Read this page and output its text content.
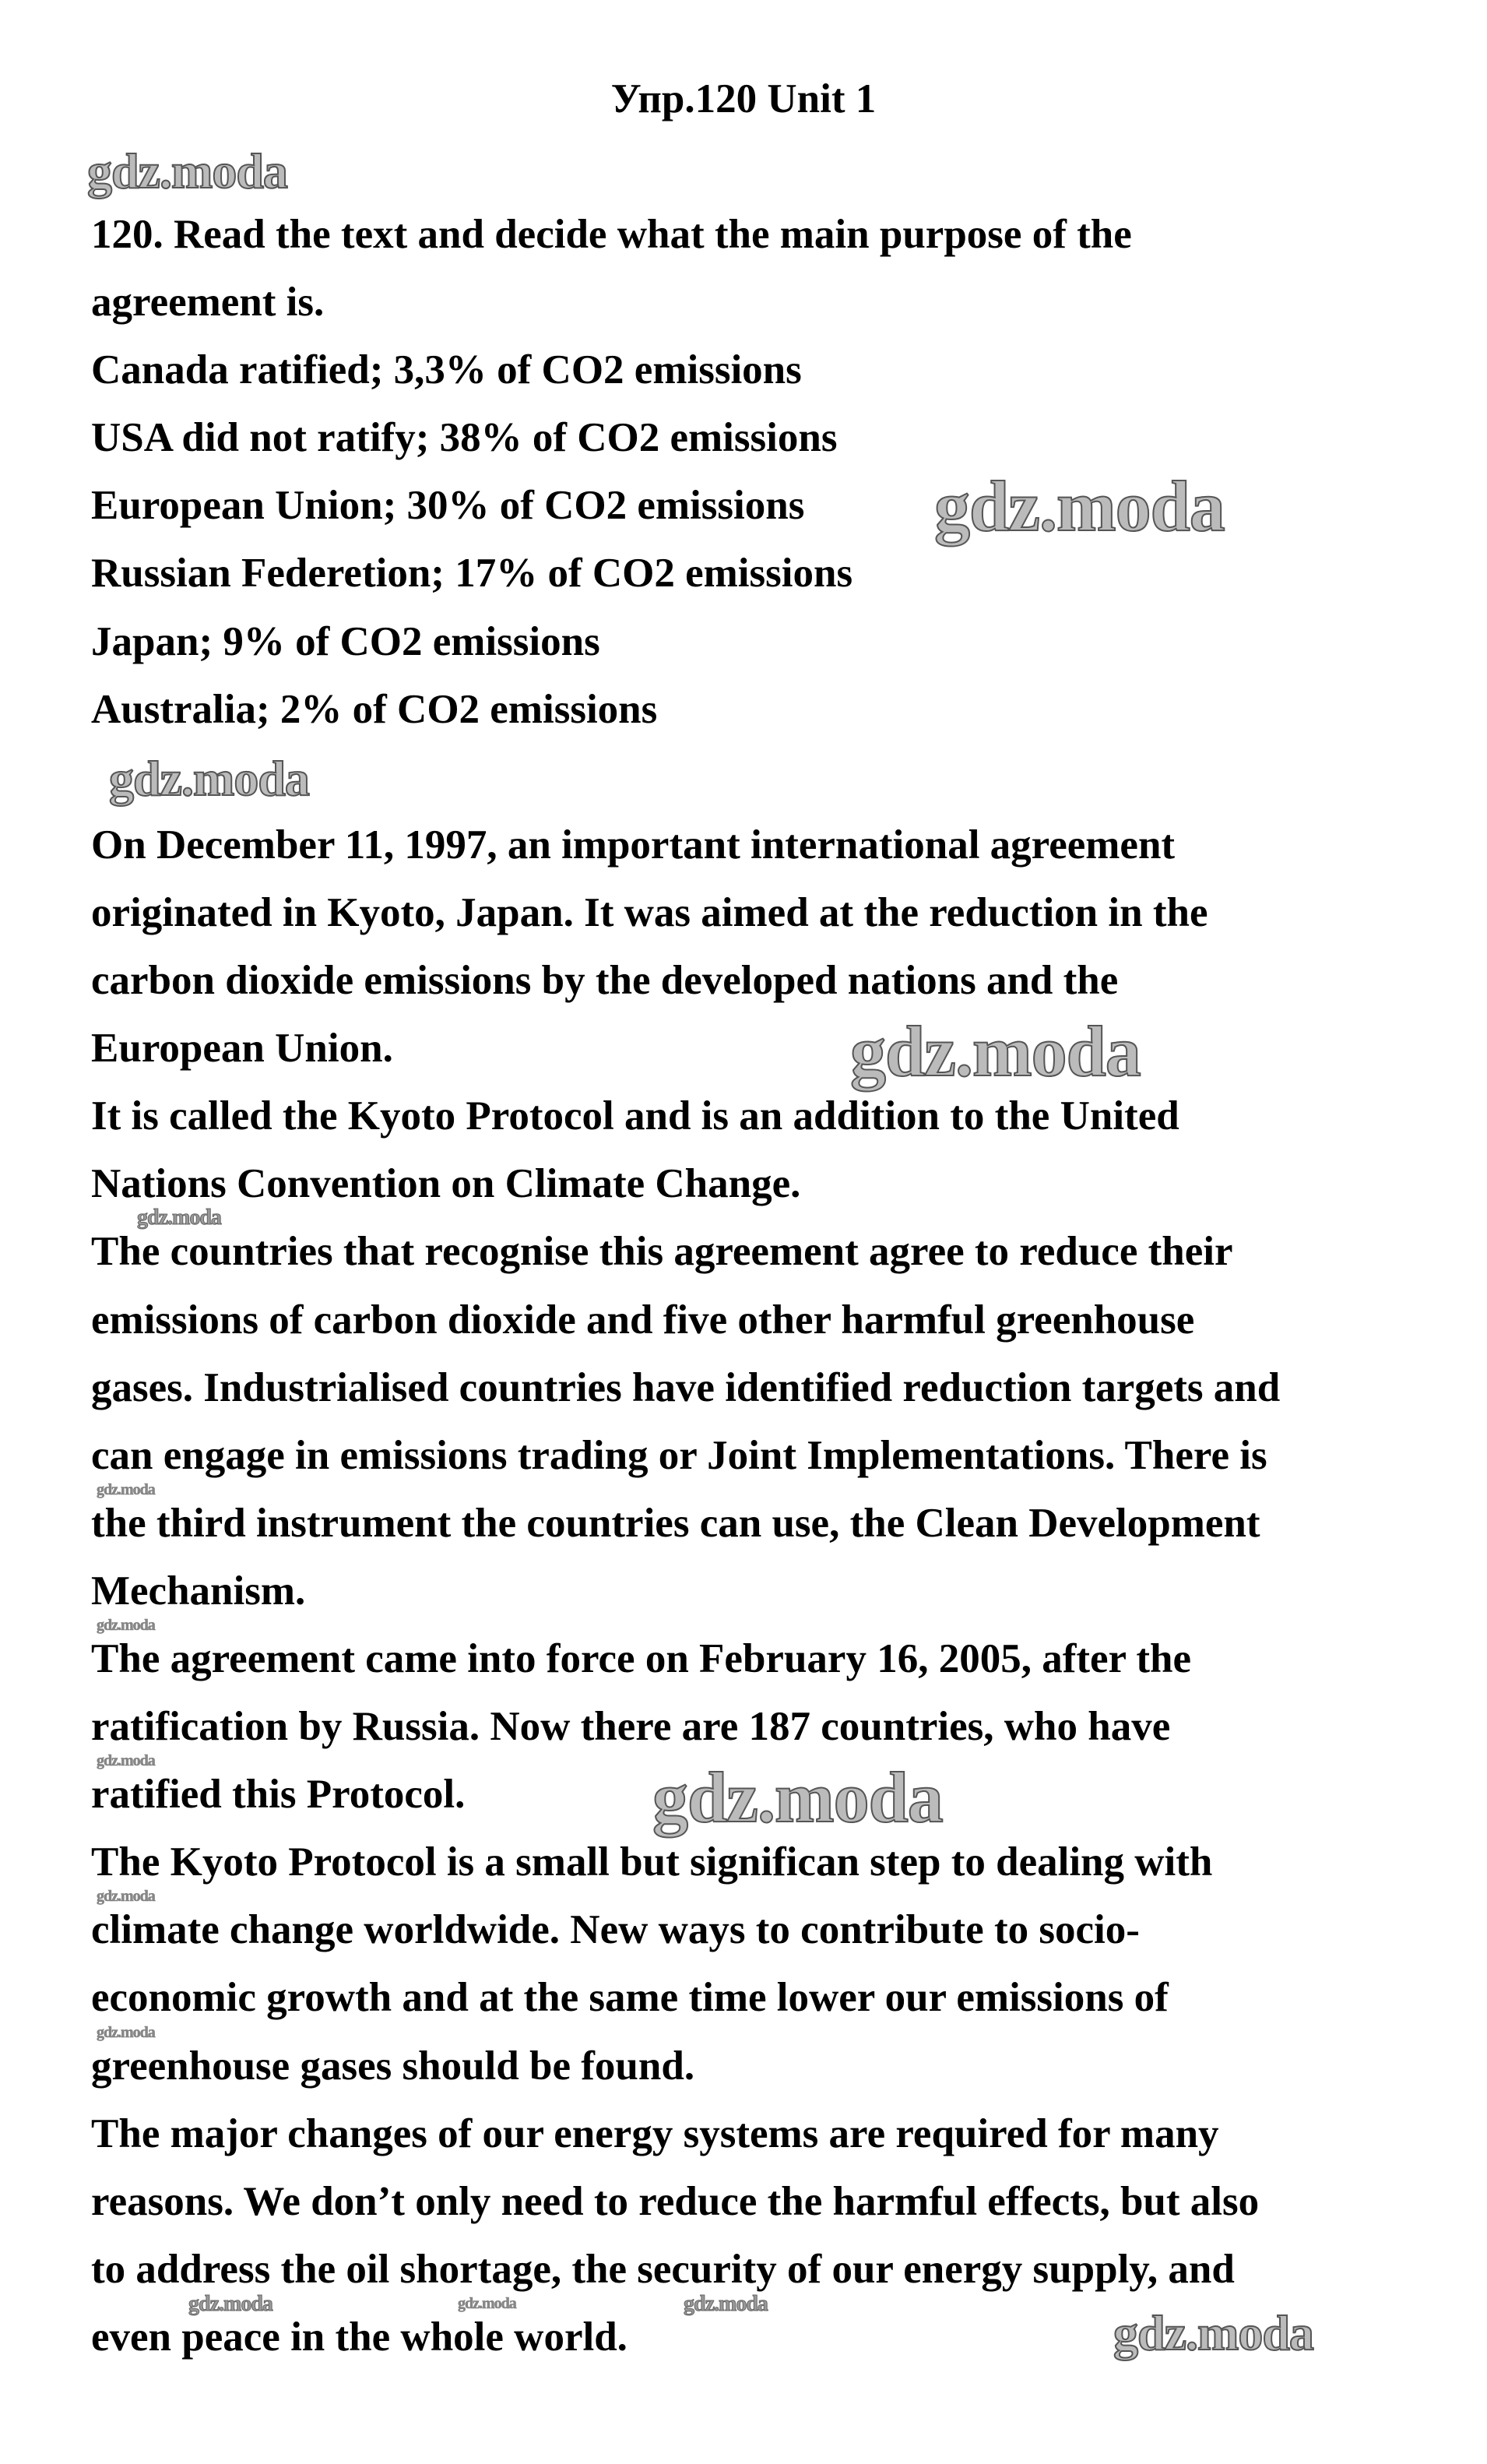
Упр.120 Unit 1
120. Read the text and decide what the main purpose of the
agreement is.
Canada ratified; 3,3% of CO2 emissions
USA did not ratify; 38% of CO2 emissions
European Union; 30% of CO2 emissions
Russian Federetion; 17% of CO2 emissions
Japan; 9% of CO2 emissions
Australia; 2% of CO2 emissions
On December 11, 1997, an important international agreement
originated in Kyoto, Japan. It was aimed at the reduction in the
carbon dioxide emissions by the developed nations and the
European Union.
It is called the Kyoto Protocol and is an addition to the United
Nations Convention on Climate Change.
The countries that recognise this agreement agree to reduce their
emissions of carbon dioxide and five other harmful greenhouse
gases. Industrialised countries have identified reduction targets and
can engage in emissions trading or Joint Implementations. There is
the third instrument the countries can use, the Clean Development
Mechanism.
The agreement came into force on February 16, 2005, after the
ratification by Russia. Now there are 187 countries, who have
ratified this Protocol.
The Kyoto Protocol is a small but significan step to dealing with
climate change worldwide. New ways to contribute to socio-
economic growth and at the same time lower our emissions of
greenhouse gases should be found.
The major changes of our energy systems are required for many
reasons. We don’t only need to reduce the harmful effects, but also
to address the oil shortage, the security of our energy supply, and
even peace in the whole world.
gdz.moda
gdz.moda
gdz.moda
gdz.moda
gdz.moda
gdz.moda
gdz.moda
gdz.moda	gdz.moda
gdz.moda
gdz.moda
gdz.moda	gdz.moda	gdz.moda
gdz.moda
